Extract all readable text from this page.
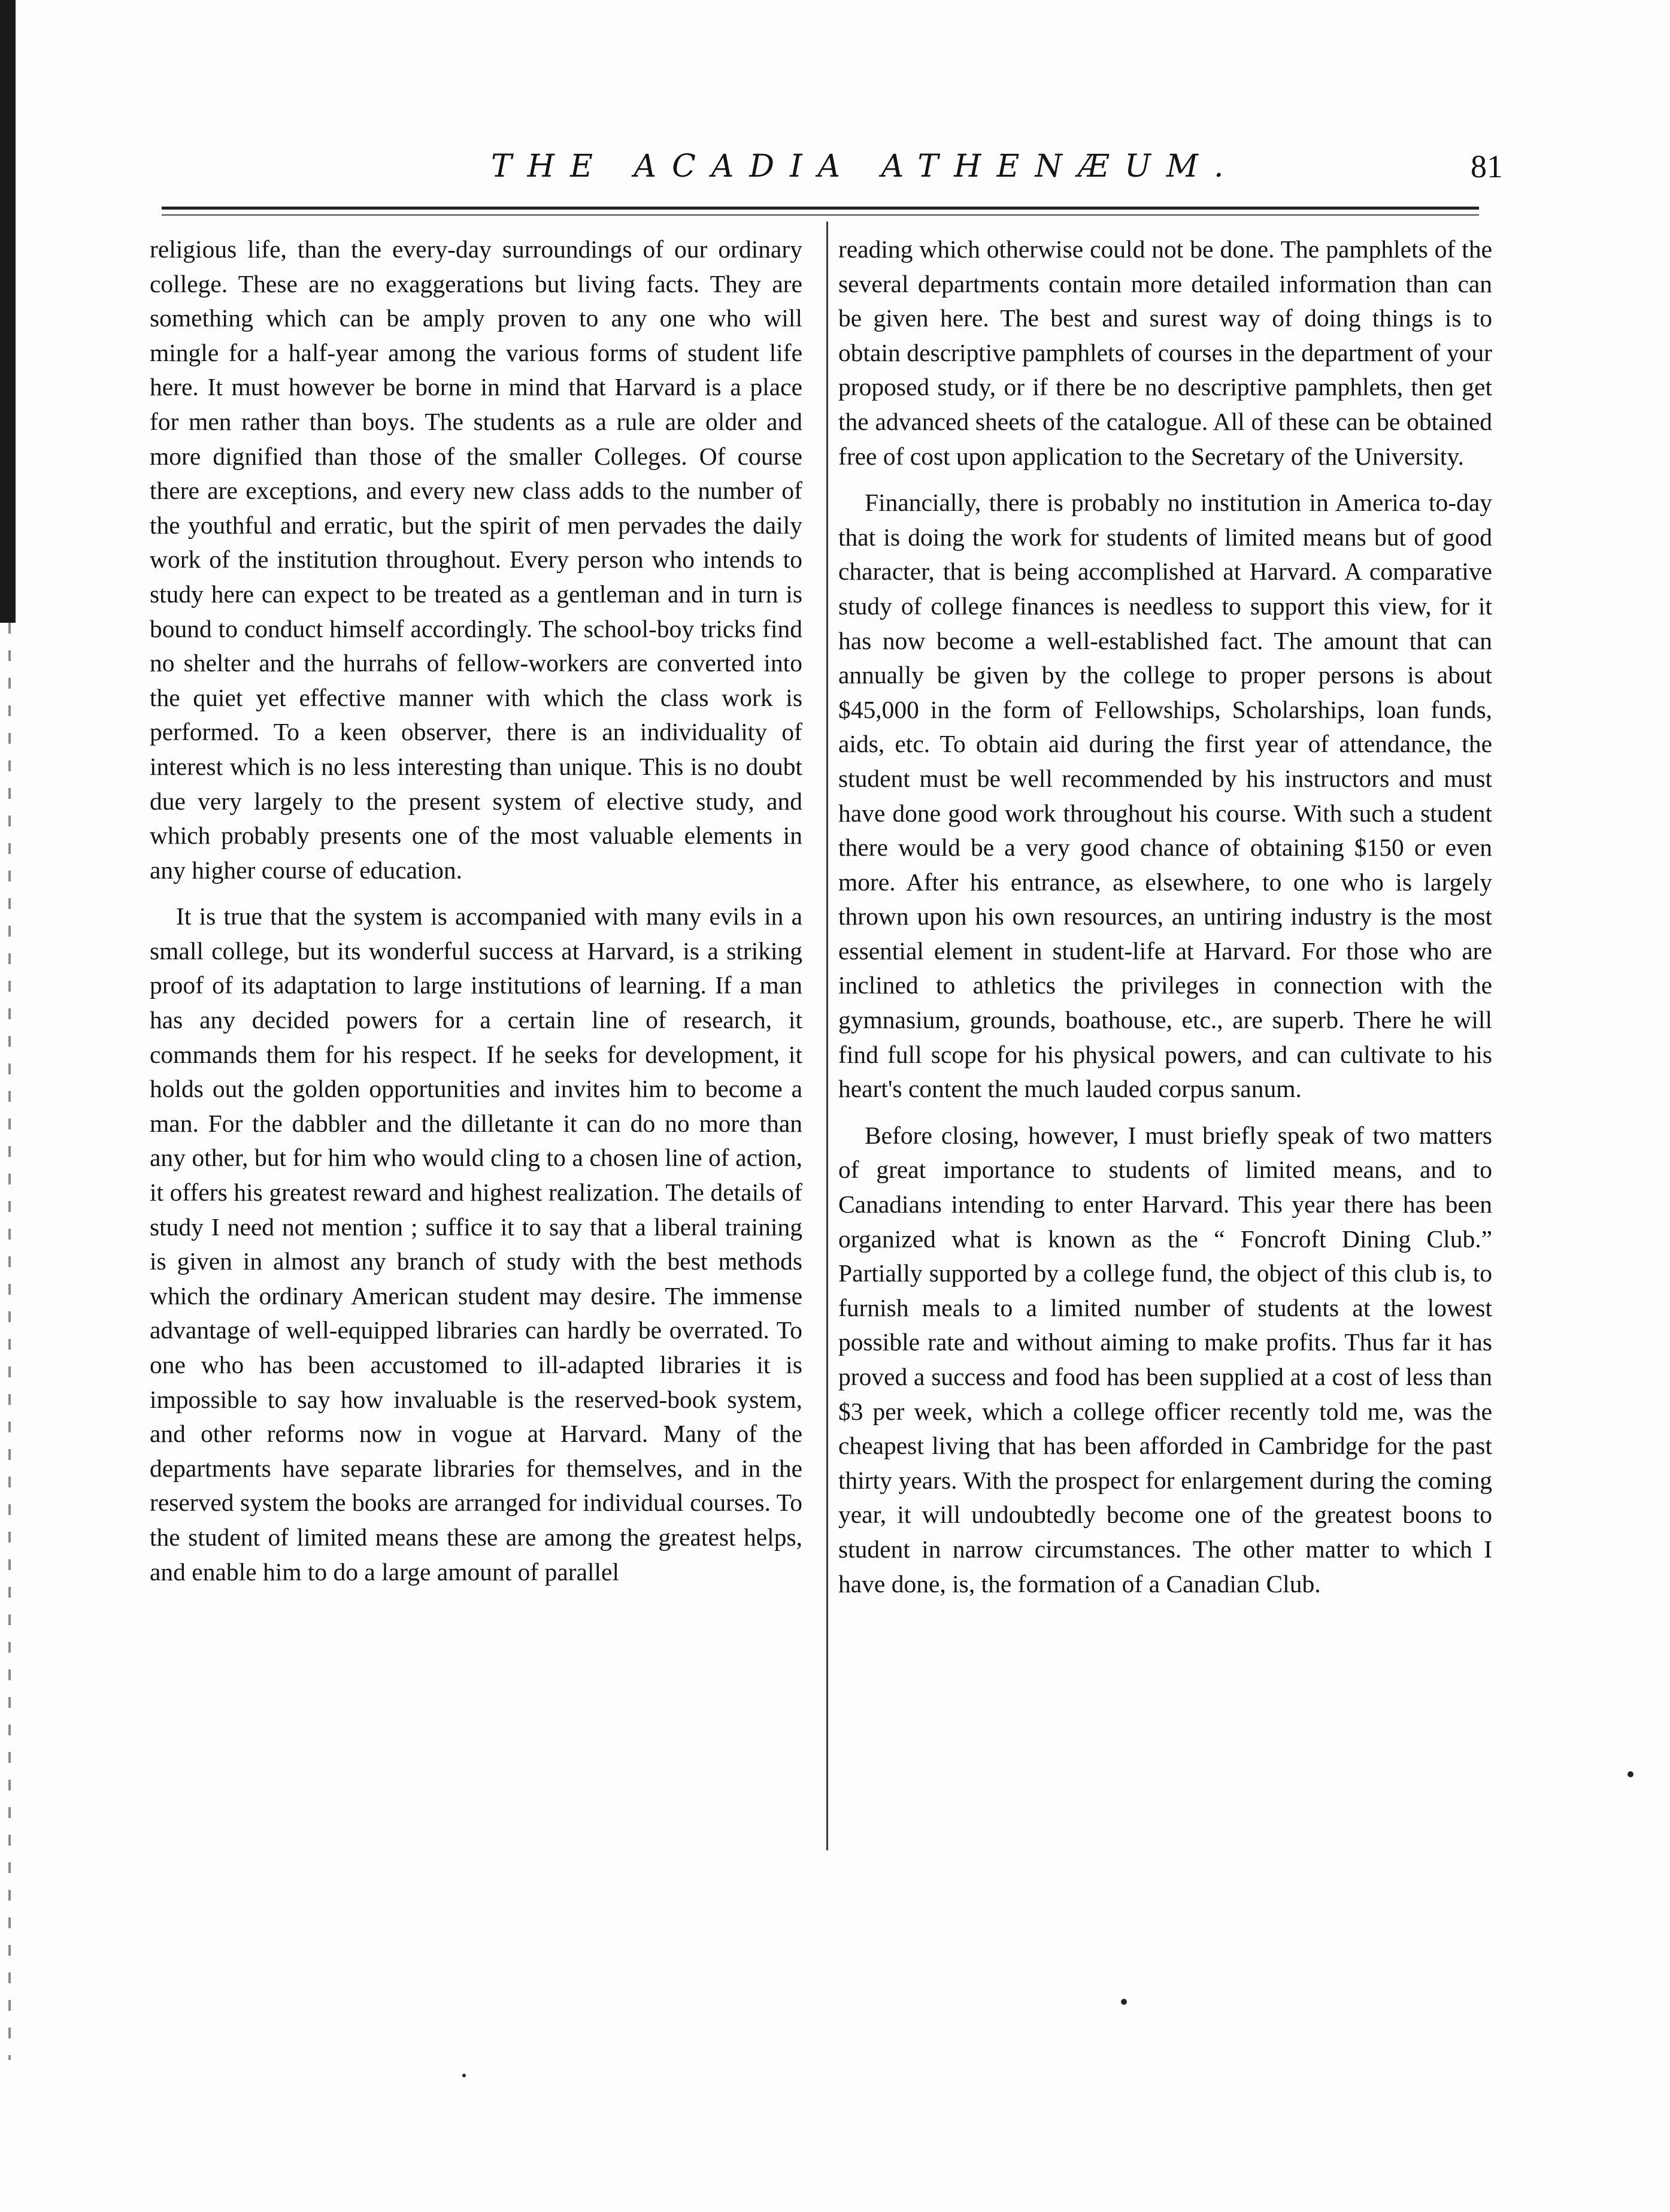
THE ACADIA ATHENÆUM.	81

religious life, than the every-day surroundings of our ordinary college. These are no exaggerations but living facts. They are something which can be amply proven to any one who will mingle for a half-year among the various forms of student life here. It must however be borne in mind that Harvard is a place for men rather than boys. The students as a rule are older and more dignified than those of the smaller Colleges. Of course there are exceptions, and every new class adds to the number of the youthful and erratic, but the spirit of men pervades the daily work of the institution throughout. Every person who intends to study here can expect to be treated as a gentleman and in turn is bound to conduct himself accordingly. The school-boy tricks find no shelter and the hurrahs of fellow-workers are converted into the quiet yet effective manner with which the class work is performed. To a keen observer, there is an individuality of interest which is no less interesting than unique. This is no doubt due very largely to the present system of elective study, and which probably presents one of the most valuable elements in any higher course of education.

It is true that the system is accompanied with many evils in a small college, but its wonderful success at Harvard, is a striking proof of its adaptation to large institutions of learning. If a man has any decided powers for a certain line of research, it commands them for his respect. If he seeks for development, it holds out the golden opportunities and invites him to become a man. For the dabbler and the dilletante it can do no more than any other, but for him who would cling to a chosen line of action, it offers his greatest reward and highest realization. The details of study I need not mention ; suffice it to say that a liberal training is given in almost any branch of study with the best methods which the ordinary American student may desire. The immense advantage of well-equipped libraries can hardly be overrated. To one who has been accustomed to ill-adapted libraries it is impossible to say how invaluable is the reserved-book system, and other reforms now in vogue at Harvard. Many of the departments have separate libraries for themselves, and in the reserved system the books are arranged for individual courses. To the student of limited means these are among the greatest helps, and enable him to do a large amount of parallel

reading which otherwise could not be done. The pamphlets of the several departments contain more detailed information than can be given here. The best and surest way of doing things is to obtain descriptive pamphlets of courses in the department of your proposed study, or if there be no descriptive pamphlets, then get the advanced sheets of the catalogue. All of these can be obtained free of cost upon application to the Secretary of the University.

Financially, there is probably no institution in America to-day that is doing the work for students of limited means but of good character, that is being accomplished at Harvard. A comparative study of college finances is needless to support this view, for it has now become a well-established fact. The amount that can annually be given by the college to proper persons is about $45,000 in the form of Fellowships, Scholarships, loan funds, aids, etc. To obtain aid during the first year of attendance, the student must be well recommended by his instructors and must have done good work throughout his course. With such a student there would be a very good chance of obtaining $150 or even more. After his entrance, as elsewhere, to one who is largely thrown upon his own resources, an untiring industry is the most essential element in student-life at Harvard. For those who are inclined to athletics the privileges in connection with the gymnasium, grounds, boathouse, etc., are superb. There he will find full scope for his physical powers, and can cultivate to his heart's content the much lauded corpus sanum.

Before closing, however, I must briefly speak of two matters of great importance to students of limited means, and to Canadians intending to enter Harvard. This year there has been organized what is known as the “ Foncroft Dining Club.” Partially supported by a college fund, the object of this club is, to furnish meals to a limited number of students at the lowest possible rate and without aiming to make profits. Thus far it has proved a success and food has been supplied at a cost of less than $3 per week, which a college officer recently told me, was the cheapest living that has been afforded in Cambridge for the past thirty years. With the prospect for enlargement during the coming year, it will undoubtedly become one of the greatest boons to student in narrow circumstances. The other matter to which I have done, is, the formation of a Canadian Club.
